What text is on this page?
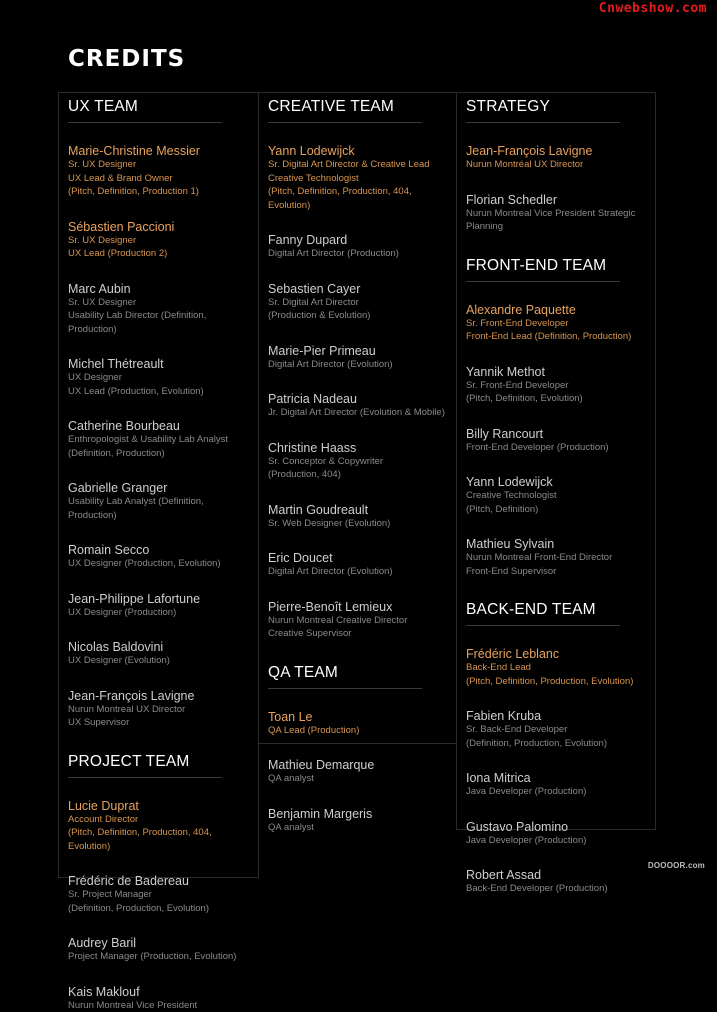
Cnwebshow.com
CREDITS
UX TEAM
Marie-Christine Messier
Sr. UX Designer
UX Lead & Brand Owner
(Pitch, Definition, Production 1)
Sébastien Paccioni
Sr. UX Designer
UX Lead (Production 2)
Marc Aubin
Sr. UX Designer
Usability Lab Director (Definition, Production)
Michel Thétreault
UX Designer
UX Lead (Production, Evolution)
Catherine Bourbeau
Enthropologist & Usability Lab Analyst
(Definition, Production)
Gabrielle Granger
Usability Lab Analyst (Definition, Production)
Romain Secco
UX Designer (Production, Evolution)
Jean-Philippe Lafortune
UX Designer (Production)
Nicolas Baldovini
UX Designer (Evolution)
Jean-François Lavigne
Nurun Montreal UX Director
UX Supervisor
PROJECT TEAM
Lucie Duprat
Account Director
(Pitch, Definition, Production, 404, Evolution)
Frédéric de Badereau
Sr. Project Manager
(Definition, Production, Evolution)
Audrey Baril
Project Manager (Production, Evolution)
Kais Maklouf
Nurun Montreal Vice President
CREATIVE TEAM
Yann Lodewijck
Sr. Digital Art Director & Creative Lead
Creative Technologist
(Pitch, Definition, Production, 404, Evolution)
Fanny Dupard
Digital Art Director (Production)
Sebastien Cayer
Sr. Digital Art Director
(Production & Evolution)
Marie-Pier Primeau
Digital Art Director (Evolution)
Patricia Nadeau
Jr. Digital Art Director (Evolution & Mobile)
Christine Haass
Sr. Conceptor & Copywriter
(Production, 404)
Martin Goudreault
Sr. Web Designer (Evolution)
Eric Doucet
Digital Art Director (Evolution)
Pierre-Benoît Lemieux
Nurun Montreal Creative Director
Creative Supervisor
QA TEAM
Toan Le
QA Lead (Production)
Mathieu Demarque
QA analyst
Benjamin Margeris
QA analyst
STRATEGY
Jean-François Lavigne
Nurun Montréal UX Director
Florian Schedler
Nurun Montreal Vice President Strategic
Planning
FRONT-END TEAM
Alexandre Paquette
Sr. Front-End Developer
Front-End Lead (Definition, Production)
Yannik Methot
Sr. Front-End Developer
(Pitch, Definition, Evolution)
Billy Rancourt
Front-End Developer (Production)
Yann Lodewijck
Creative Technologist
(Pitch, Definition)
Mathieu Sylvain
Nurun Montreal Front-End Director
Front-End Supervisor
BACK-END TEAM
Frédéric Leblanc
Back-End Lead
(Pitch, Definition, Production, Evolution)
Fabien Kruba
Sr. Back-End Developer
(Definition, Production, Evolution)
Iona Mitrica
Java Developer (Production)
Gustavo Palomino
Java Developer (Production)
Robert Assad
Back-End Developer (Production)
DOOOOR.com
